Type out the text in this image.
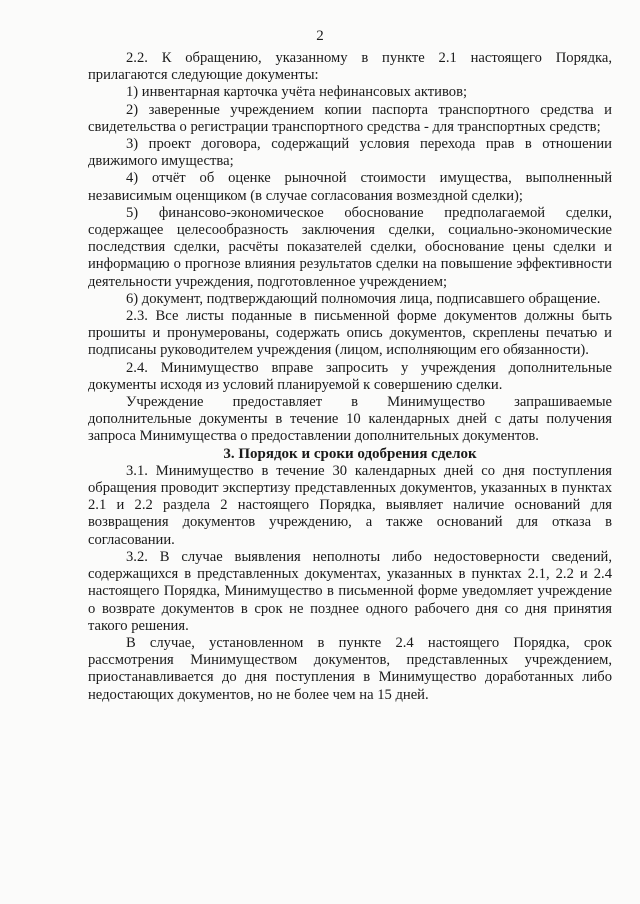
2

2.2. К обращению, указанному в пункте 2.1 настоящего Порядка, прилагаются следующие документы:

1) инвентарная карточка учёта нефинансовых активов;

2) заверенные учреждением копии паспорта транспортного средства и свидетельства о регистрации транспортного средства - для транспортных средств;

3) проект договора, содержащий условия перехода прав в отношении движимого имущества;

4) отчёт об оценке рыночной стоимости имущества, выполненный независимым оценщиком (в случае согласования возмездной сделки);

5) финансово-экономическое обоснование предполагаемой сделки, содержащее целесообразность заключения сделки, социально-экономические последствия сделки, расчёты показателей сделки, обоснование цены сделки и информацию о прогнозе влияния результатов сделки на повышение эффективности деятельности учреждения, подготовленное учреждением;

6) документ, подтверждающий полномочия лица, подписавшего обращение.

2.3. Все листы поданные в письменной форме документов должны быть прошиты и пронумерованы, содержать опись документов, скреплены печатью и подписаны руководителем учреждения (лицом, исполняющим его обязанности).

2.4. Минимущество вправе запросить у учреждения дополнительные документы исходя из условий планируемой к совершению сделки.

Учреждение предоставляет в Минимущество запрашиваемые дополнительные документы в течение 10 календарных дней с даты получения запроса Минимущества о предоставлении дополнительных документов.

3. Порядок и сроки одобрения сделок

3.1. Минимущество в течение 30 календарных дней со дня поступления обращения проводит экспертизу представленных документов, указанных в пунктах 2.1 и 2.2 раздела 2 настоящего Порядка, выявляет наличие оснований для возвращения документов учреждению, а также оснований для отказа в согласовании.

3.2. В случае выявления неполноты либо недостоверности сведений, содержащихся в представленных документах, указанных в пунктах 2.1, 2.2 и 2.4 настоящего Порядка, Минимущество в письменной форме уведомляет учреждение о возврате документов в срок не позднее одного рабочего дня со дня принятия такого решения.

В случае, установленном в пункте 2.4 настоящего Порядка, срок рассмотрения Минимуществом документов, представленных учреждением, приостанавливается до дня поступления в Минимущество доработанных либо недостающих документов, но не более чем на 15 дней.
